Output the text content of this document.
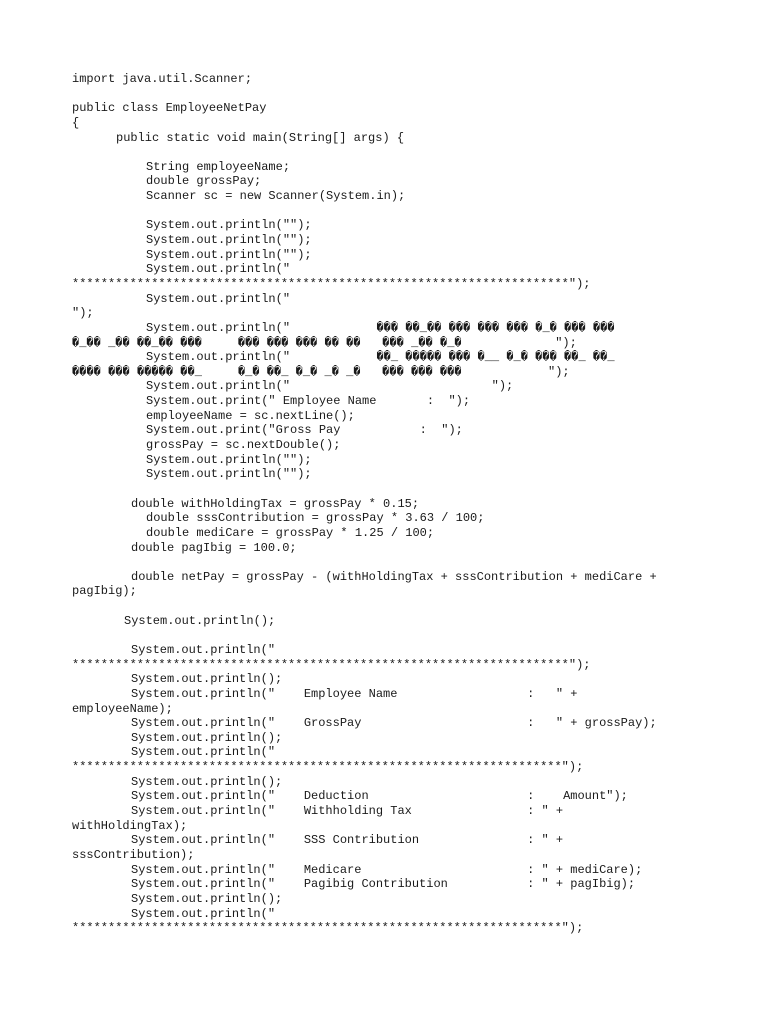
import java.util.Scanner;
public class EmployeeNetPay
{
public static void main(String[] args) {
String employeeName;
double grossPay;
Scanner sc = new Scanner(System.in);
System.out.println("");
System.out.println("");
System.out.println("");
System.out.println("
*********************************************************************");
System.out.println("
");
System.out.println("            ��� ��_�� ��� ��� ��� �_� ��� ���
�_�� _�� ��_�� ���     ��� ��� ��� �� ��   ��� _�� �_�             ");
System.out.println("            ��_ ����� ��� �__ �_� ��� ��_ ��_
���� ��� ����� ��_     �_� ��_ �_� _� _�   ��� ��� ���            ");
System.out.println("                            ");
System.out.print(" Employee Name       :  ");
employeeName = sc.nextLine();
System.out.print("Gross Pay           :  ");
grossPay = sc.nextDouble();
System.out.println("");
System.out.println("");
double withHoldingTax = grossPay * 0.15;
double sssContribution = grossPay * 3.63 / 100;
double mediCare = grossPay * 1.25 / 100;
double pagIbig = 100.0;
double netPay = grossPay - (withHoldingTax + sssContribution + mediCare +
pagIbig);
System.out.println();
System.out.println("
*********************************************************************");
System.out.println();
System.out.println("    Employee Name                  :   " +
employeeName);
System.out.println("    GrossPay                       :   " + grossPay);
System.out.println();
System.out.println("
********************************************************************");
System.out.println();
System.out.println("    Deduction                      :    Amount");
System.out.println("    Withholding Tax                : " +
withHoldingTax);
System.out.println("    SSS Contribution               : " +
sssContribution);
System.out.println("    Medicare                       : " + mediCare);
System.out.println("    Pagibig Contribution           : " + pagIbig);
System.out.println();
System.out.println("
********************************************************************");
